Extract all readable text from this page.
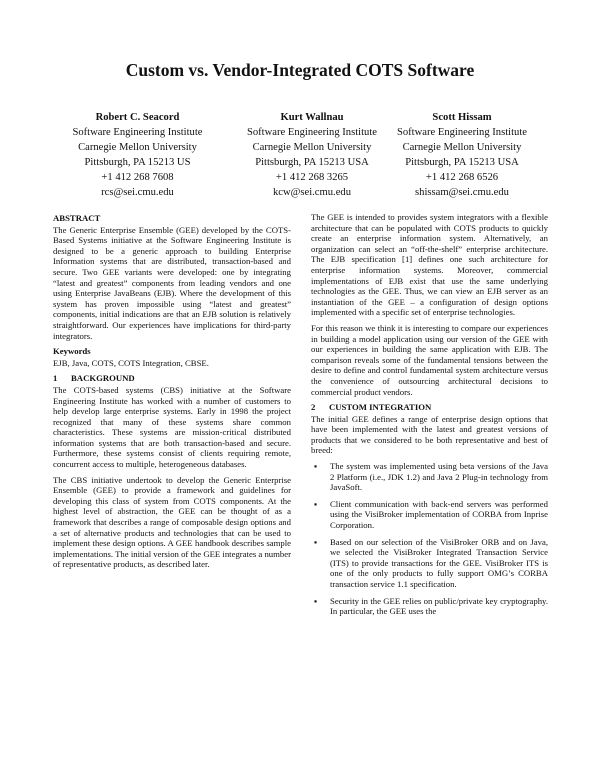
Custom vs. Vendor-Integrated COTS Software
Robert C. Seacord
Software Engineering Institute
Carnegie Mellon University
Pittsburgh, PA 15213 US
+1 412 268 7608
rcs@sei.cmu.edu
Kurt Wallnau
Software Engineering Institute
Carnegie Mellon University
Pittsburgh, PA 15213 USA
+1 412 268 3265
kcw@sei.cmu.edu
Scott Hissam
Software Engineering Institute
Carnegie Mellon University
Pittsburgh, PA 15213 USA
+1 412 268 6526
shissam@sei.cmu.edu
ABSTRACT

The Generic Enterprise Ensemble (GEE) developed by the COTS-Based Systems initiative at the Software Engineering Institute is designed to be a generic approach to building Enterprise Information systems that are distributed, transaction-based and secure. Two GEE variants were developed: one by integrating “latest and greatest” components from leading vendors and one using Enterprise JavaBeans (EJB). Where the development of this system has proven impossible using “latest and greatest” components, initial indications are that an EJB solution is relatively straightforward. Our experiences have implications for third-party integrators.

Keywords

EJB, Java, COTS, COTS Integration, CBSE.

1 BACKGROUND

The COTS-based systems (CBS) initiative at the Software Engineering Institute has worked with a number of customers to help develop large enterprise systems. Early in 1998 the project recognized that many of these systems share common characteristics. These systems are mission-critical distributed information systems that are both transaction-based and secure. Furthermore, these systems consist of clients requiring remote, concurrent access to multiple, heterogeneous databases.

The CBS initiative undertook to develop the Generic Enterprise Ensemble (GEE) to provide a framework and guidelines for developing this class of system from COTS components. At the highest level of abstraction, the GEE can be thought of as a framework that describes a range of composable design options and a set of alternative products and technologies that can be used to implement these design options. A GEE handbook describes sample implementations. The initial version of the GEE integrates a number of representative products, as described later.

The GEE is intended to provides system integrators with a flexible architecture that can be populated with COTS products to quickly create an enterprise information system. Alternatively, an organization can select an “off-the-shelf” enterprise architecture. The EJB specification [1] defines one such architecture for enterprise information systems. Moreover, commercial implementations of EJB exist that use the same underlying technologies as the GEE. Thus, we can view an EJB server as an instantiation of the GEE – a configuration of design options implemented with a specific set of enterprise technologies.

For this reason we think it is interesting to compare our experiences in building a model application using our version of the GEE with our experiences in building the same application with EJB. The comparison reveals some of the fundamental tensions between the desire to define and control fundamental system architecture versus the convenience of outsourcing architectural decisions to commercial product vendors.

2 CUSTOM INTEGRATION

The initial GEE defines a range of enterprise design options that have been implemented with the latest and greatest versions of products that we considered to be both representative and best of breed:

▪ The system was implemented using beta versions of the Java 2 Platform (i.e., JDK 1.2) and Java 2 Plug-in technology from JavaSoft.
▪ Client communication with back-end servers was performed using the VisiBroker implementation of CORBA from Inprise Corporation.
▪ Based on our selection of the VisiBroker ORB and on Java, we selected the VisiBroker Integrated Transaction Service (ITS) to provide transactions for the GEE. VisiBroker ITS is one of the only products to fully support OMG’s CORBA transaction service 1.1 specification.
▪ Security in the GEE relies on public/private key cryptography. In particular, the GEE uses the
